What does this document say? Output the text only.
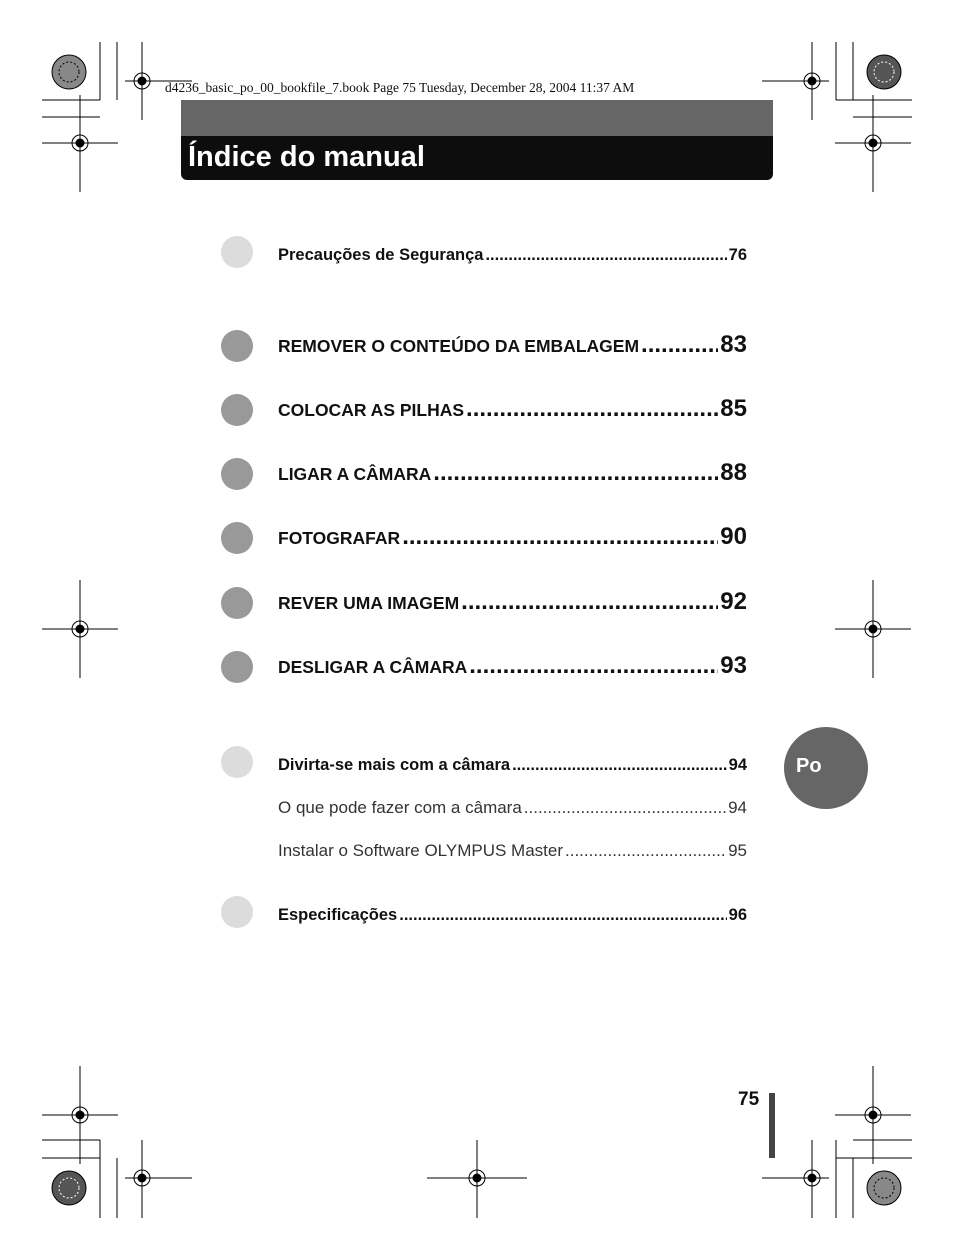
d4236_basic_po_00_bookfile_7.book Page 75 Tuesday, December 28, 2004 11:37 AM
Índice do manual
Precauções de Segurança .....	76
REMOVER O CONTEÚDO DA EMBALAGEM .....	83
COLOCAR AS PILHAS .....	85
LIGAR A CÂMARA .....	88
FOTOGRAFAR .....	90
REVER UMA IMAGEM .....	92
DESLIGAR A CÂMARA .....	93
Divirta-se mais com a câmara .....	94
O que pode fazer com a câmara .....	94
Instalar o Software OLYMPUS Master .....	95
Especificações .....	96
Po
75
